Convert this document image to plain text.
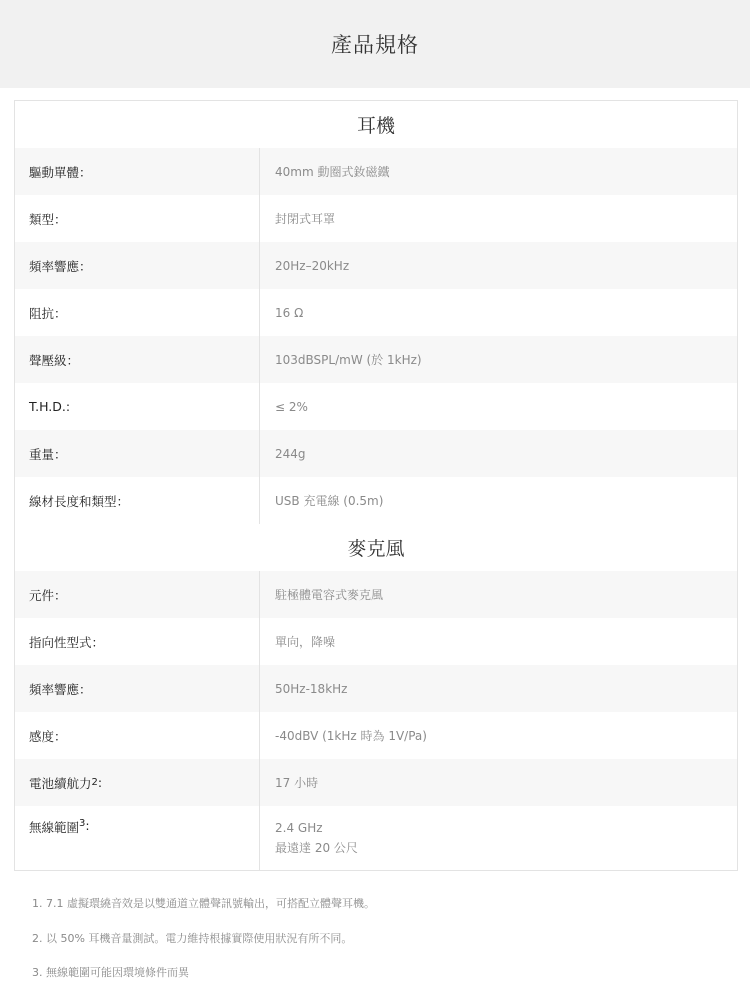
產品規格
耳機
驅動單體：	40mm 動圈式釹磁鐵
類型：	封閉式耳罩
頻率響應：	20Hz–20kHz
阻抗：	16 Ω
聲壓級：	103dBSPL/mW (於 1kHz)
T.H.D.:	≤ 2%
重量：	244g
線材長度和類型：	USB 充電線 (0.5m)
麥克風
元件：	駐極體電容式麥克風
指向性型式：	單向，降噪
頻率響應：	50Hz-18kHz
感度：	-40dBV (1kHz 時為 1V/Pa)
電池續航力 2 :	17 小時
無線範圍$^3$ :	2.4 GHz
最遠達 20 公尺
1. 7.1 虛擬環繞音效是以雙通道立體聲訊號輸出，可搭配立體聲耳機。
2. 以 50% 耳機音量測試。電力維持根據實際使用狀況有所不同。
3. 無線範圍可能因環境條件而異
